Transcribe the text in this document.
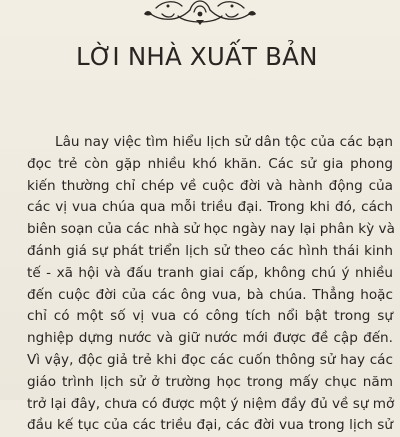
LỜI NHÀ XUẤT BẢN
Lâu nay việc tìm hiểu lịch sử dân tộc của các bạn
đọc trẻ còn gặp nhiều khó khăn. Các sử gia phong
kiến thường chỉ chép về cuộc đời và hành động của
các vị vua chúa qua mỗi triều đại. Trong khi đó, cách
biên soạn của các nhà sử học ngày nay lại phân kỳ và
đánh giá sự phát triển lịch sử theo các hình thái kinh
tế - xã hội và đấu tranh giai cấp, không chú ý nhiều
đến cuộc đời của các ông vua, bà chúa. Thẳng hoặc
chỉ có một số vị vua có công tích nổi bật trong sự
nghiệp dựng nước và giữ nước mới được đề cập đến.
Vì vậy, độc giả trẻ khi đọc các cuốn thông sử hay các
giáo trình lịch sử ở trường học trong mấy chục năm
trở lại đây, chưa có được một ý niệm đầy đủ về sự mở
đầu kế tục của các triều đại, các đời vua trong lịch sử
